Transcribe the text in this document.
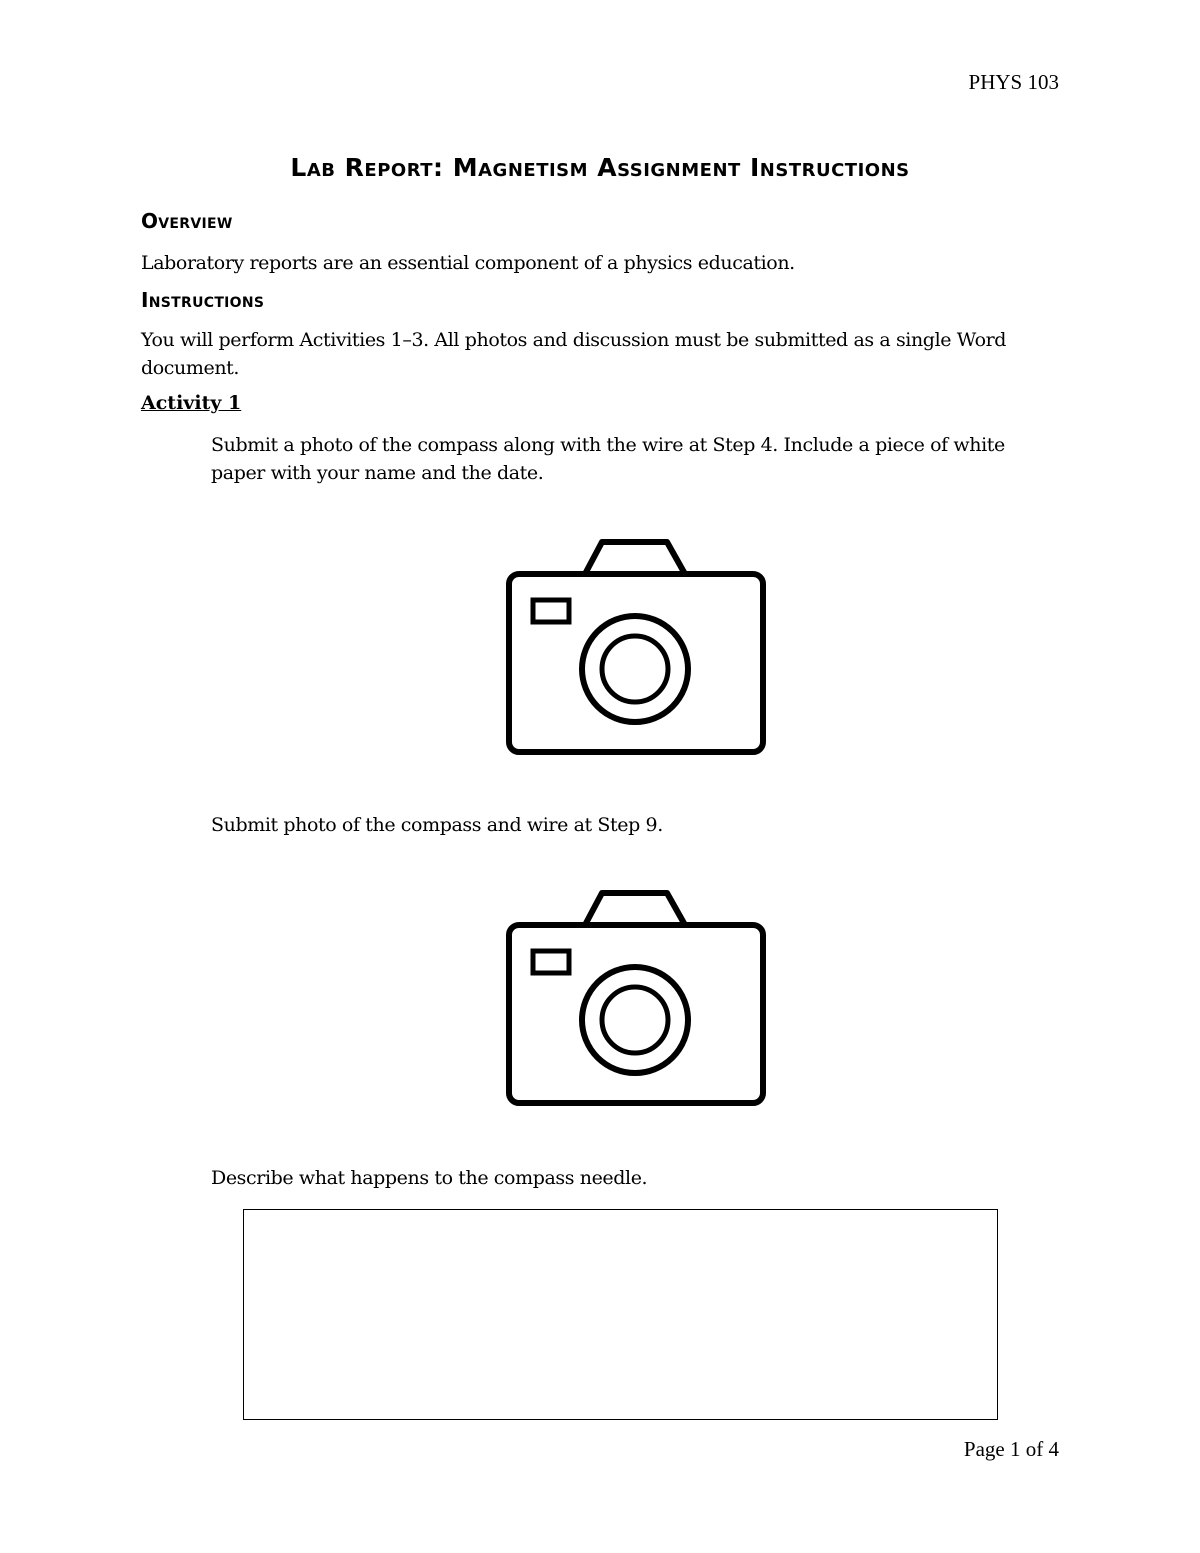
PHYS 103
Lab Report: Magnetism Assignment Instructions
Overview
Laboratory reports are an essential component of a physics education.
Instructions
You will perform Activities 1–3. All photos and discussion must be submitted as a single Word document.
Activity 1
Submit a photo of the compass along with the wire at Step 4. Include a piece of white paper with your name and the date.
Submit photo of the compass and wire at Step 9.
Describe what happens to the compass needle.
Page 1 of 4
